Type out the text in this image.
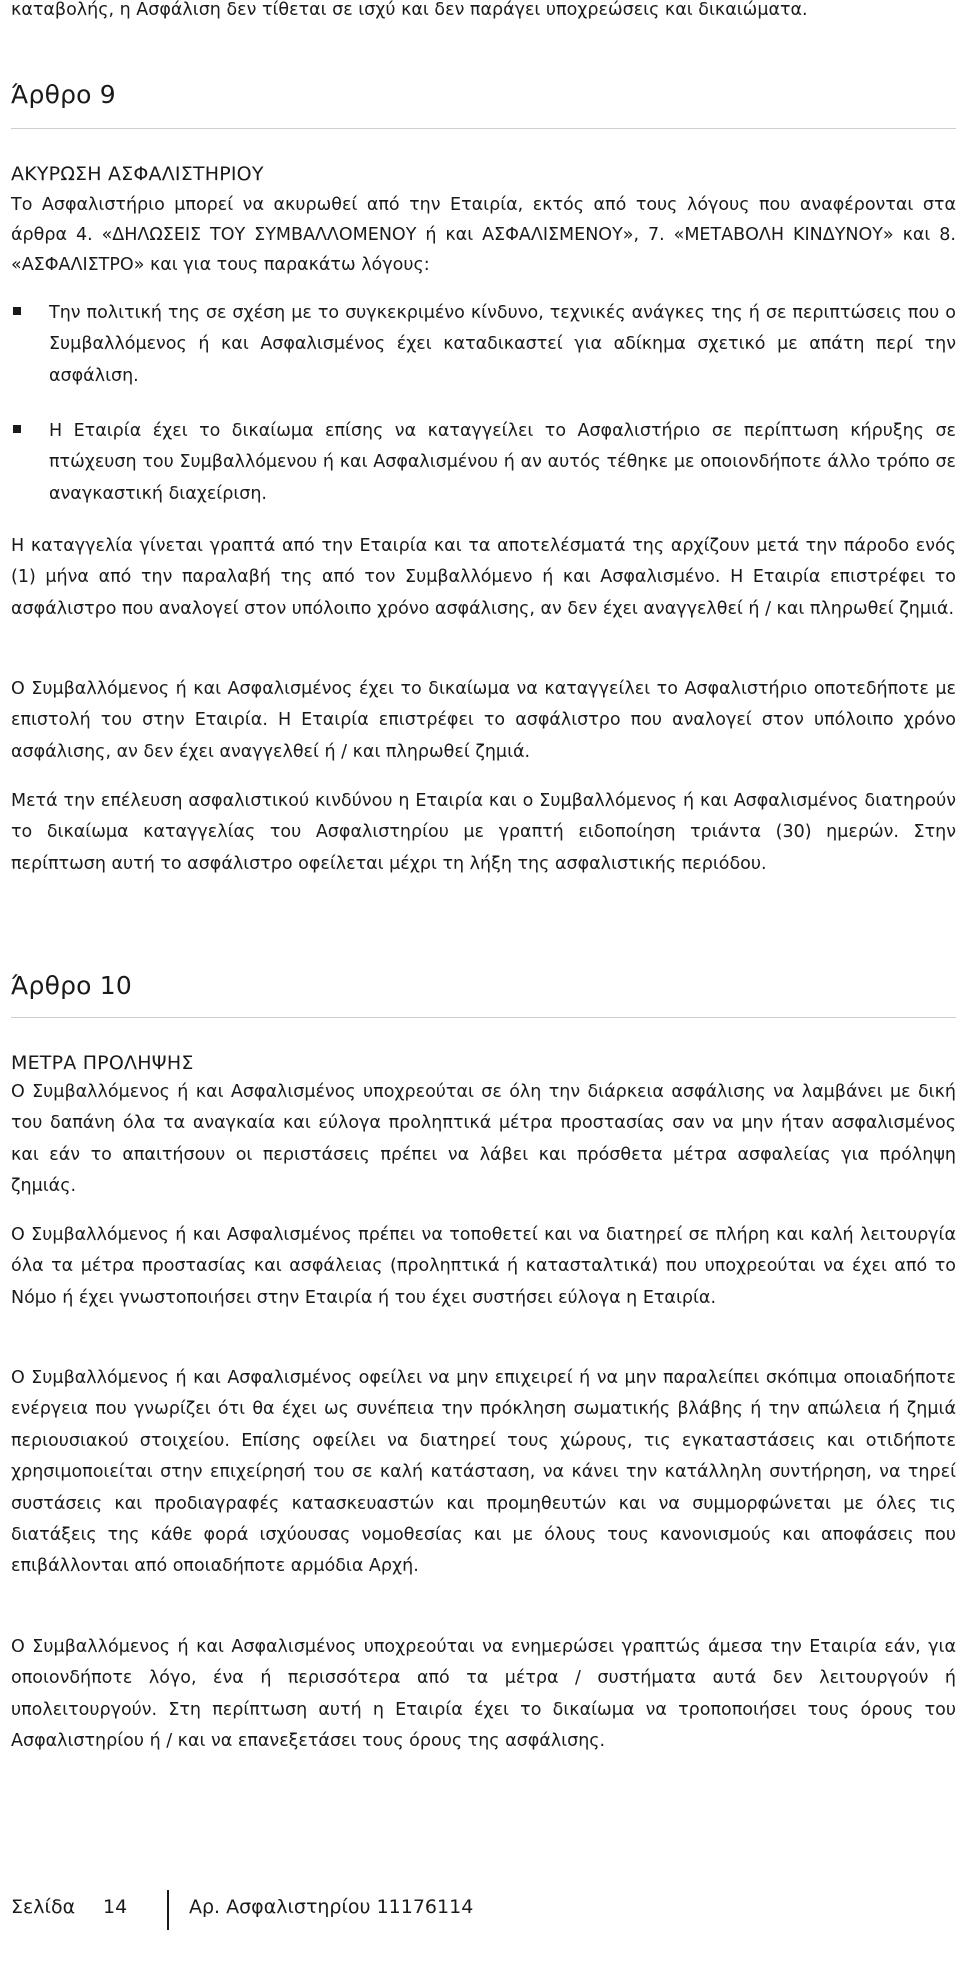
καταβολής, η Ασφάλιση δεν τίθεται σε ισχύ και δεν παράγει υποχρεώσεις και δικαιώματα.
Άρθρο 9
ΑΚΥΡΩΣΗ ΑΣΦΑΛΙΣΤΗΡΙΟΥ

Το Ασφαλιστήριο μπορεί να ακυρωθεί από την Εταιρία, εκτός από τους λόγους που αναφέρονται στα άρθρα 4. «ΔΗΛΩΣΕΙΣ ΤΟΥ ΣΥΜΒΑΛΛΟΜΕΝΟΥ ή και ΑΣΦΑΛΙΣΜΕΝΟΥ», 7. «ΜΕΤΑΒΟΛΗ ΚΙΝΔΥΝΟΥ» και 8. «ΑΣΦΑΛΙΣΤΡΟ» και για τους παρακάτω λόγους:

Την πολιτική της σε σχέση με το συγκεκριμένο κίνδυνο, τεχνικές ανάγκες της ή σε περιπτώσεις που ο Συμβαλλόμενος ή και Ασφαλισμένος έχει καταδικαστεί για αδίκημα σχετικό με απάτη περί την ασφάλιση.

Η Εταιρία έχει το δικαίωμα επίσης να καταγγείλει το Ασφαλιστήριο σε περίπτωση κήρυξης σε πτώχευση του Συμβαλλόμενου ή και Ασφαλισμένου ή αν αυτός τέθηκε με οποιονδήποτε άλλο τρόπο σε αναγκαστική διαχείριση.

Η καταγγελία γίνεται γραπτά από την Εταιρία και τα αποτελέσματά της αρχίζουν μετά την πάροδο ενός (1) μήνα από την παραλαβή της από τον Συμβαλλόμενο ή και Ασφαλισμένο. Η Εταιρία επιστρέφει το ασφάλιστρο που αναλογεί στον υπόλοιπο χρόνο ασφάλισης, αν δεν έχει αναγγελθεί ή / και πληρωθεί ζημιά.

Ο Συμβαλλόμενος ή και Ασφαλισμένος έχει το δικαίωμα να καταγγείλει το Ασφαλιστήριο οποτεδήποτε με επιστολή του στην Εταιρία. Η Εταιρία επιστρέφει το ασφάλιστρο που αναλογεί στον υπόλοιπο χρόνο ασφάλισης, αν δεν έχει αναγγελθεί ή / και πληρωθεί ζημιά.

Μετά την επέλευση ασφαλιστικού κινδύνου η Εταιρία και ο Συμβαλλόμενος ή και Ασφαλισμένος διατηρούν το δικαίωμα καταγγελίας του Ασφαλιστηρίου με γραπτή ειδοποίηση τριάντα (30) ημερών. Στην περίπτωση αυτή το ασφάλιστρο οφείλεται μέχρι τη λήξη της ασφαλιστικής περιόδου.

Άρθρο 10
ΜΕΤΡΑ ΠΡΟΛΗΨΗΣ

Ο Συμβαλλόμενος ή και Ασφαλισμένος υποχρεούται σε όλη την διάρκεια ασφάλισης να λαμβάνει με δική του δαπάνη όλα τα αναγκαία και εύλογα προληπτικά μέτρα προστασίας σαν να μην ήταν ασφαλισμένος και εάν το απαιτήσουν οι περιστάσεις πρέπει να λάβει και πρόσθετα μέτρα ασφαλείας για πρόληψη ζημιάς.

Ο Συμβαλλόμενος ή και Ασφαλισμένος πρέπει να τοποθετεί και να διατηρεί σε πλήρη και καλή λειτουργία όλα τα μέτρα προστασίας και ασφάλειας (προληπτικά ή κατασταλτικά) που υποχρεούται να έχει από το Νόμο ή έχει γνωστοποιήσει στην Εταιρία ή του έχει συστήσει εύλογα η Εταιρία.

Ο Συμβαλλόμενος ή και Ασφαλισμένος οφείλει να μην επιχειρεί ή να μην παραλείπει σκόπιμα οποιαδήποτε ενέργεια που γνωρίζει ότι θα έχει ως συνέπεια την πρόκληση σωματικής βλάβης ή την απώλεια ή ζημιά περιουσιακού στοιχείου. Επίσης οφείλει να διατηρεί τους χώρους, τις εγκαταστάσεις και οτιδήποτε χρησιμοποιείται στην επιχείρησή του σε καλή κατάσταση, να κάνει την κατάλληλη συντήρηση, να τηρεί συστάσεις και προδιαγραφές κατασκευαστών και προμηθευτών και να συμμορφώνεται με όλες τις διατάξεις της κάθε φορά ισχύουσας νομοθεσίας και με όλους τους κανονισμούς και αποφάσεις που επιβάλλονται από οποιαδήποτε αρμόδια Αρχή.

Ο Συμβαλλόμενος ή και Ασφαλισμένος υποχρεούται να ενημερώσει γραπτώς άμεσα την Εταιρία εάν, για οποιονδήποτε λόγο, ένα ή περισσότερα από τα μέτρα / συστήματα αυτά δεν λειτουργούν ή υπολειτουργούν. Στη περίπτωση αυτή η Εταιρία έχει το δικαίωμα να τροποποιήσει τους όρους του Ασφαλιστηρίου ή / και να επανεξετάσει τους όρους της ασφάλισης.

Σελίδα 14	Αρ. Ασφαλιστηρίου 11176114
